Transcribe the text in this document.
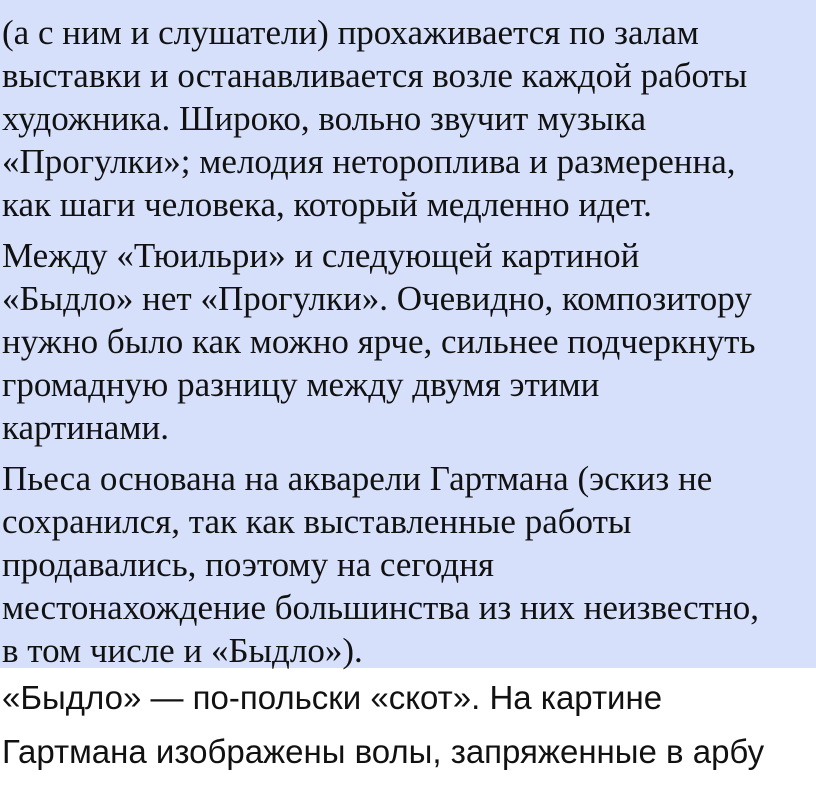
(а с ним и слушатели) прохаживается по залам
выставки и останавливается возле каждой работы
художника. Широко, вольно звучит музыка
«Прогулки»; мелодия нетороплива и размеренна,
как шаги человека, который медленно идет.

Между «Тюильри» и следующей картиной
«Быдло» нет «Прогулки». Очевидно, композитору
нужно было как можно ярче, сильнее подчеркнуть
громадную разницу между двумя этими
картинами.

Пьеса основана на акварели Гартмана (эскиз не
сохранился, так как выставленные работы
продавались, поэтому на сегодня
местонахождение большинства из них неизвестно,
в том числе и «Быдло»).

«Быдло» — по-польски «скот». На картине
Гартмана изображены волы, запряженные в арбу
